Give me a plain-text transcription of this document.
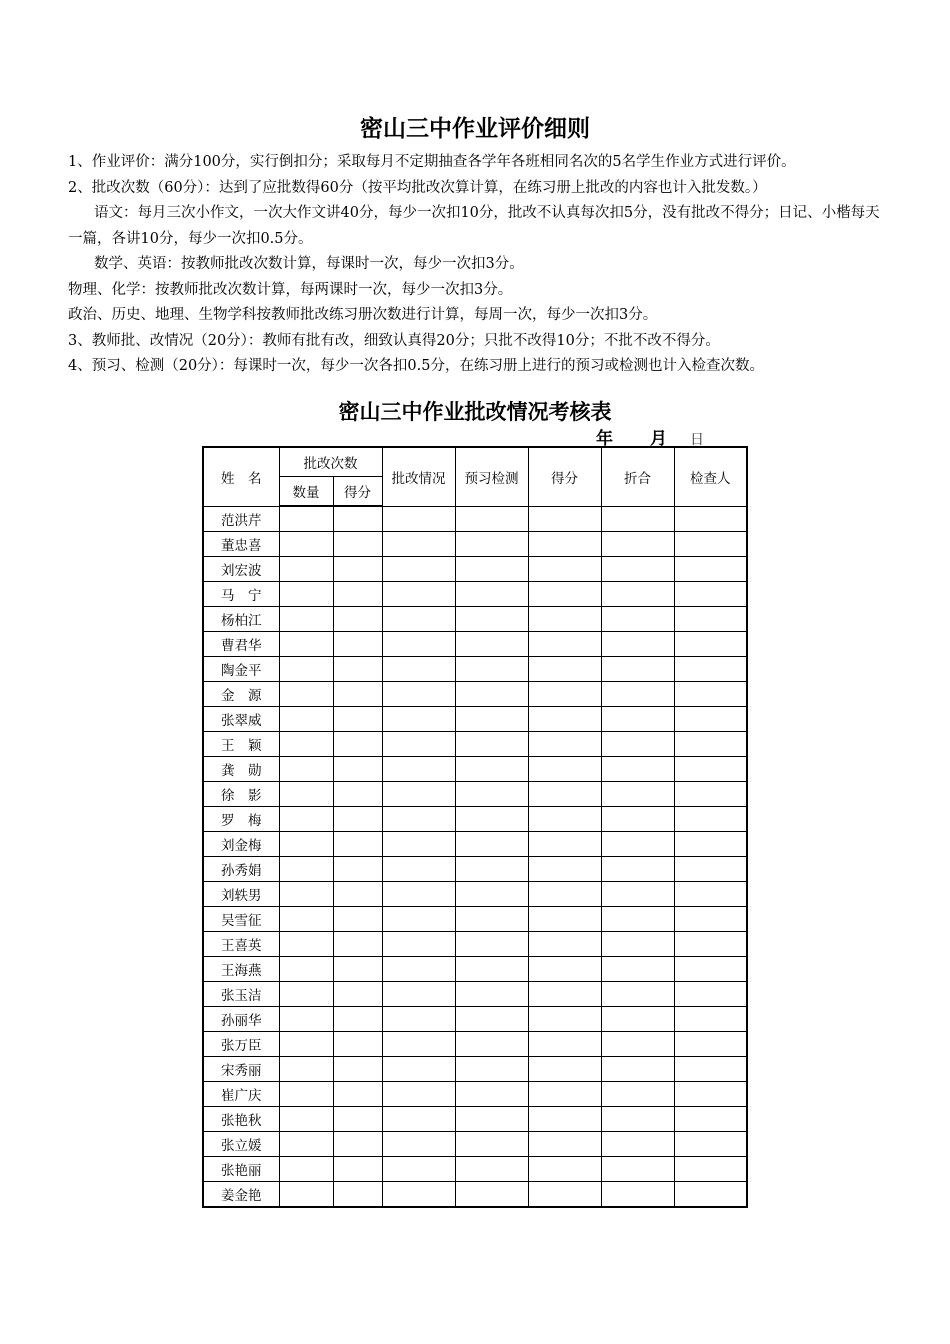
密山三中作业评价细则

1、作业评价：满分100分，实行倒扣分；采取每月不定期抽查各学年各班相同名次的5名学生作业方式进行评价。

2、批改次数（60分）：达到了应批数得60分（按平均批改次算计算，在练习册上批改的内容也计入批发数。）

语文：每月三次小作文，一次大作文讲40分，每少一次扣10分，批改不认真每次扣5分，没有批改不得分；日记、小楷每天一篇，各讲10分，每少一次扣0.5分。

数学、英语：按教师批改次数计算，每课时一次，每少一次扣3分。

物理、化学：按教师批改次数计算，每两课时一次，每少一次扣3分。

政治、历史、地理、生物学科按教师批改练习册次数进行计算，每周一次，每少一次扣3分。

3、教师批、改情况（20分）：教师有批有改，细致认真得20分；只批不改得10分；不批不改不得分。

4、预习、检测（20分）：每课时一次，每少一次各扣0.5分，在练习册上进行的预习或检测也计入检查次数。

密山三中作业批改情况考核表
年 月 日
姓　名	批改次数		批改情况	预习检测	得分	折合	检查人
	数量	得分					
范洪芹							
董忠喜							
刘宏波							
马　宁							
杨柏江							
曹君华							
陶金平							
金　源							
张翠威							
王　颖							
龚　勋							
徐　影							
罗　梅							
刘金梅							
孙秀娟							
刘轶男							
吴雪征							
王喜英							
王海燕							
张玉洁							
孙丽华							
张万臣							
宋秀丽							
崔广庆							
张艳秋							
张立媛							
张艳丽							
姜金艳							
